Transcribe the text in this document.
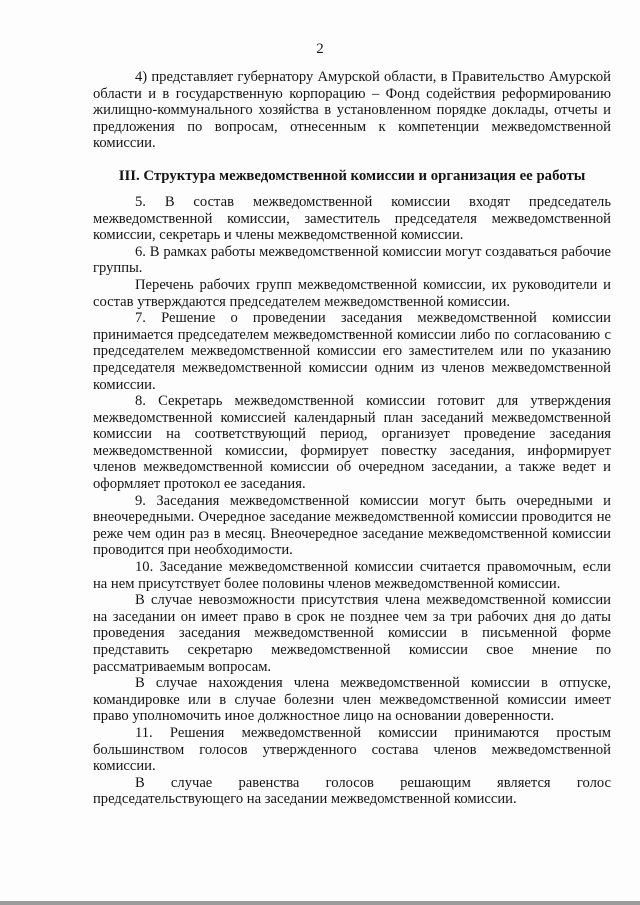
2

4) представляет губернатору Амурской области, в Правительство Амурской области и в государственную корпорацию – Фонд содействия реформированию жилищно-коммунального хозяйства в установленном порядке доклады, отчеты и предложения по вопросам, отнесенным к компетенции межведомственной комиссии.

III. Структура межведомственной комиссии и организация ее работы

5. В состав межведомственной комиссии входят председатель межведомственной комиссии, заместитель председателя межведомственной комиссии, секретарь и члены межведомственной комиссии.

6. В рамках работы межведомственной комиссии могут создаваться рабочие группы.

Перечень рабочих групп межведомственной комиссии, их руководители и состав утверждаются председателем межведомственной комиссии.

7. Решение о проведении заседания межведомственной комиссии принимается председателем межведомственной комиссии либо по согласованию с председателем межведомственной комиссии его заместителем или по указанию председателя межведомственной комиссии одним из членов межведомственной комиссии.

8. Секретарь межведомственной комиссии готовит для утверждения межведомственной комиссией календарный план заседаний межведомственной комиссии на соответствующий период, организует проведение заседания межведомственной комиссии, формирует повестку заседания, информирует членов межведомственной комиссии об очередном заседании, а также ведет и оформляет протокол ее заседания.

9. Заседания межведомственной комиссии могут быть очередными и внеочередными. Очередное заседание межведомственной комиссии проводится не реже чем один раз в месяц. Внеочередное заседание межведомственной комиссии проводится при необходимости.

10. Заседание межведомственной комиссии считается правомочным, если на нем присутствует более половины членов межведомственной комиссии.

В случае невозможности присутствия члена межведомственной комиссии на заседании он имеет право в срок не позднее чем за три рабочих дня до даты проведения заседания межведомственной комиссии в письменной форме представить секретарю межведомственной комиссии свое мнение по рассматриваемым вопросам.

В случае нахождения члена межведомственной комиссии в отпуске, командировке или в случае болезни член межведомственной комиссии имеет право уполномочить иное должностное лицо на основании доверенности.

11. Решения межведомственной комиссии принимаются простым большинством голосов утвержденного состава членов межведомственной комиссии.

В случае равенства голосов решающим является голос председательствующего на заседании межведомственной комиссии.
